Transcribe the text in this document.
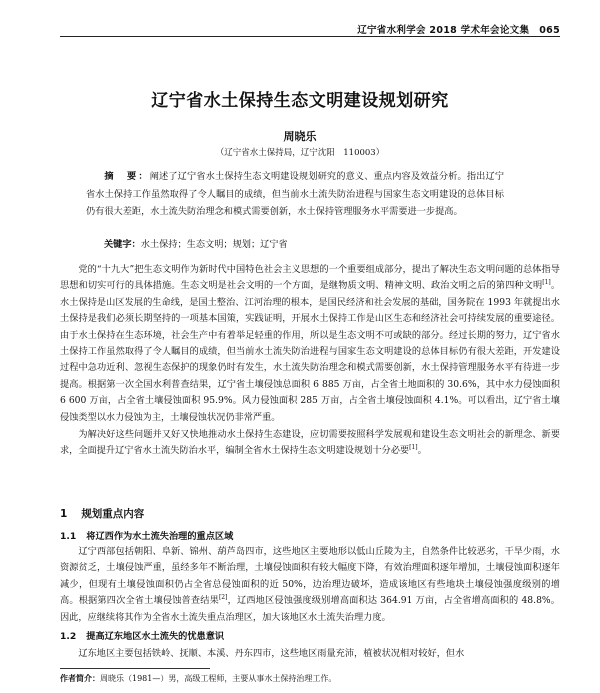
辽宁省水利学会 2018 学术年会论文集 065
辽宁省水土保持生态文明建设规划研究
周晓乐
（辽宁省水土保持局，辽宁沈阳　110003）

摘　要：阐述了辽宁省水土保持生态文明建设规划研究的意义、重点内容及效益分析。指出辽宁省水土保持工作虽然取得了令人瞩目的成绩，但当前水土流失防治进程与国家生态文明建设的总体目标仍有很大差距，水土流失防治理念和模式需要创新，水土保持管理服务水平需要进一步提高。

关键字：水土保持；生态文明；规划；辽宁省

党的“十九大”把生态文明作为新时代中国特色社会主义思想的一个重要组成部分，提出了解决生态文明问题的总体指导思想和切实可行的具体措施。生态文明是社会文明的一个方面，是继物质文明、精神文明、政治文明之后的第四种文明[1]。水土保持是山区发展的生命线，是国土整治、江河治理的根本，是国民经济和社会发展的基础，国务院在 1993 年就提出水土保持是我们必须长期坚持的一项基本国策，实践证明，开展水土保持工作是山区生态和经济社会可持续发展的重要途径。由于水土保持在生态环境，社会生产中有着举足轻重的作用，所以是生态文明不可或缺的部分。经过长期的努力，辽宁省水土保持工作虽然取得了令人瞩目的成绩，但当前水土流失防治进程与国家生态文明建设的总体目标仍有很大差距，开发建设过程中急功近利、忽视生态保护的现象仍时有发生，水土流失防治理念和模式需要创新，水土保持管理服务水平有待进一步提高。根据第一次全国水利普查结果，辽宁省土壤侵蚀总面积 6 885 万亩，占全省土地面积的 30.6%，其中水力侵蚀面积 6 600 万亩，占全省土壤侵蚀面积 95.9%。风力侵蚀面积 285 万亩，占全省土壤侵蚀面积 4.1%。可以看出，辽宁省土壤侵蚀类型以水力侵蚀为主，土壤侵蚀状况仍非常严重。

为解决好这些问题并又好又快地推动水土保持生态建设，应切需要按照科学发展观和建设生态文明社会的新理念、新要求，全面提升辽宁省水土流失防治水平，编制全省水土保持生态文明建设规划十分必要[1]。

1 规划重点内容
1.1 将辽西作为水土流失治理的重点区域

辽宁西部包括朝阳、阜新、锦州、葫芦岛四市，这些地区主要地形以低山丘陵为主，自然条件比较恶劣，干旱少雨，水资源贫乏，土壤侵蚀严重，虽经多年不断治理，土壤侵蚀面积有较大幅度下降，有效治理面积逐年增加，土壤侵蚀面积逐年减少，但现有土壤侵蚀面积仍占全省总侵蚀面积的近 50%，边治理边破坏，造成该地区有些地块土壤侵蚀强度级别的增高。根据第四次全省土壤侵蚀普查结果[2]，辽西地区侵蚀强度级别增高面积达 364.91 万亩，占全省增高面积的 48.8%。因此，应继续将其作为全省水土流失重点治理区，加大该地区水土流失治理力度。

1.2 提高辽东地区水土流失的忧患意识

辽东地区主要包括铁岭、抚顺、本溪、丹东四市，这些地区雨量充沛，植被状况相对较好，但水

作者简介：周晓乐（1981—）男，高级工程师，主要从事水土保持治理工作。
